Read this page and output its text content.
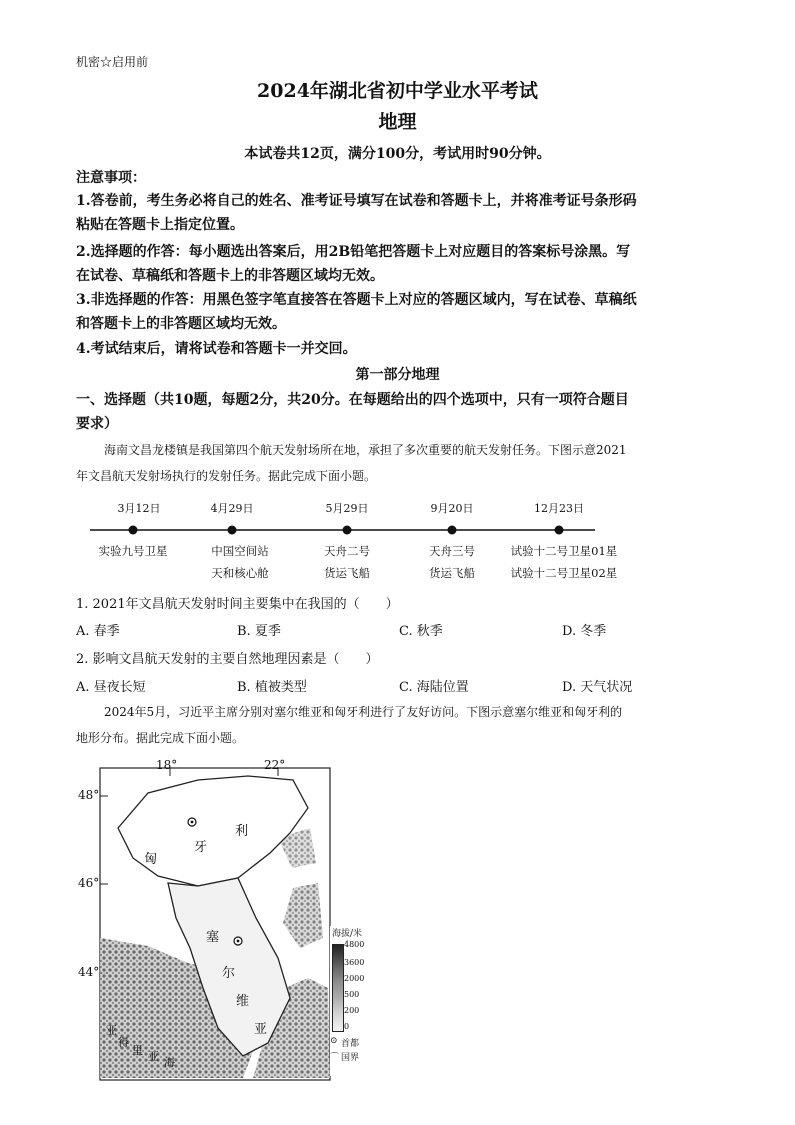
机密☆启用前
2024年湖北省初中学业水平考试
地理
本试卷共12页，满分100分，考试用时90分钟。
注意事项：
1.答卷前，考生务必将自己的姓名、准考证号填写在试卷和答题卡上，并将准考证号条形码
粘贴在答题卡上指定位置。
2.选择题的作答：每小题选出答案后，用2B铅笔把答题卡上对应题目的答案标号涂黑。写
在试卷、草稿纸和答题卡上的非答题区域均无效。
3.非选择题的作答：用黑色签字笔直接答在答题卡上对应的答题区域内，写在试卷、草稿纸
和答题卡上的非答题区域均无效。
4.考试结束后，请将试卷和答题卡一并交回。
第一部分地理
一、选择题（共10题，每题2分，共20分。在每题给出的四个选项中，只有一项符合题目
要求）
海南文昌龙楼镇是我国第四个航天发射场所在地，承担了多次重要的航天发射任务。下图示意2021
年文昌航天发射场执行的发射任务。据此完成下面小题。
3月12日	4月29日	5月29日	9月20日	12月23日
实验九号卫星	中国空间站
天和核心舱
天舟二号
货运飞船
天舟三号
货运飞船
试验十二号卫星01星
试验十二号卫星02星
1. 2021年文昌航天发射时间主要集中在我国的（　　）
A. 春季	B. 夏季	C. 秋季	D. 冬季
2. 影响文昌航天发射的主要自然地理因素是（　　）
A. 昼夜长短	B. 植被类型	C. 海陆位置	D. 天气状况
2024年5月，习近平主席分别对塞尔维亚和匈牙利进行了友好访问。下图示意塞尔维亚和匈牙利的
地形分布。据此完成下面小题。
18°	22°
48°
46°
44°
匈
牙
利
塞
尔
维
亚
亚
得
里 亚 海
海拔/米
4800
3600
2000
500
200
0
⊙ 首都
⌒ 国界
